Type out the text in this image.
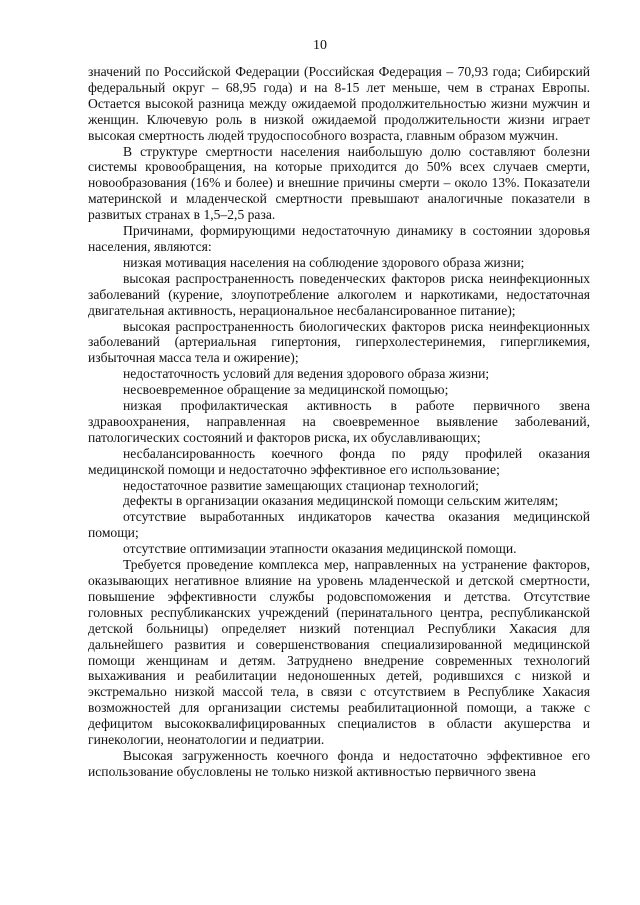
10

значений по Российской Федерации (Российская Федерация – 70,93 года; Сибирский федеральный округ – 68,95 года) и на 8-15 лет меньше, чем в странах Европы. Остается высокой разница между ожидаемой продолжительностью жизни мужчин и женщин. Ключевую роль в низкой ожидаемой продолжительности жизни играет высокая смертность людей трудоспособного возраста, главным образом мужчин.

В структуре смертности населения наибольшую долю составляют болезни системы кровообращения, на которые приходится до 50% всех случаев смерти, новообразования (16% и более) и внешние причины смерти – около 13%. Показатели материнской и младенческой смертности превышают аналогичные показатели в развитых странах в 1,5–2,5 раза.

Причинами, формирующими недостаточную динамику в состоянии здоровья населения, являются:

низкая мотивация населения на соблюдение здорового образа жизни;

высокая распространенность поведенческих факторов риска неинфекционных заболеваний (курение, злоупотребление алкоголем и наркотиками, недостаточная двигательная активность, нерациональное несбалансированное питание);

высокая распространенность биологических факторов риска неинфекционных заболеваний (артериальная гипертония, гиперхолестеринемия, гипергликемия, избыточная масса тела и ожирение);

недостаточность условий для ведения здорового образа жизни;

несвоевременное обращение за медицинской помощью;

низкая профилактическая активность в работе первичного звена здравоохранения, направленная на своевременное выявление заболеваний, патологических состояний и факторов риска, их обуславливающих;

несбалансированность коечного фонда по ряду профилей оказания медицинской помощи и недостаточно эффективное его использование;

недостаточное развитие замещающих стационар технологий;

дефекты в организации оказания медицинской помощи сельским жителям;

отсутствие выработанных индикаторов качества оказания медицинской помощи;

отсутствие оптимизации этапности оказания медицинской помощи.

Требуется проведение комплекса мер, направленных на устранение факторов, оказывающих негативное влияние на уровень младенческой и детской смертности, повышение эффективности службы родовспоможения и детства. Отсутствие головных республиканских учреждений (перинатального центра, республиканской детской больницы) определяет низкий потенциал Республики Хакасия для дальнейшего развития и совершенствования специализированной медицинской помощи женщинам и детям. Затруднено внедрение современных технологий выхаживания и реабилитации недоношенных детей, родившихся с низкой и экстремально низкой массой тела, в связи с отсутствием в Республике Хакасия возможностей для организации системы реабилитационной помощи, а также с дефицитом высококвалифицированных специалистов в области акушерства и гинекологии, неонатологии и педиатрии.

Высокая загруженность коечного фонда и недостаточно эффективное его использование обусловлены не только низкой активностью первичного звена
